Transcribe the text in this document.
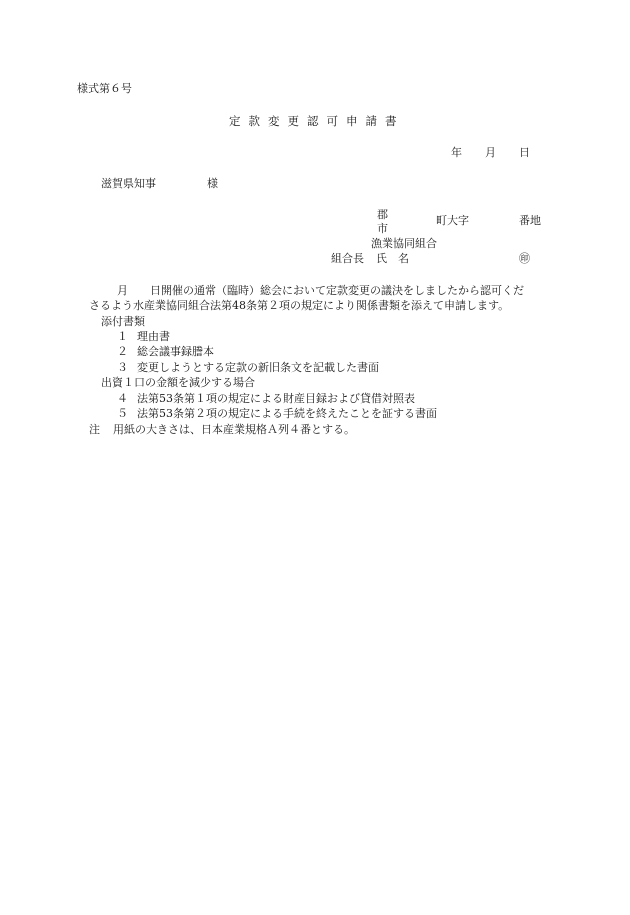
様式第６号
定款変更認可申請書
年 月 日
滋賀県知事	様
郡
市
町大字	番地
漁業協同組合
組合長 氏　名	㊞
月　　日開催の通常（臨時）総会において定款変更の議決をしましたから認可くだ
さるよう水産業協同組合法第48条第２項の規定により関係書類を添えて申請します。
添付書類
１ 理由書
２ 総会議事録謄本
３ 変更しようとする定款の新旧条文を記載した書面
出資１口の金額を減少する場合
４ 法第53条第１項の規定による財産目録および貸借対照表
５ 法第53条第２項の規定による手続を終えたことを証する書面
注 用紙の大きさは、日本産業規格Ａ列４番とする。
